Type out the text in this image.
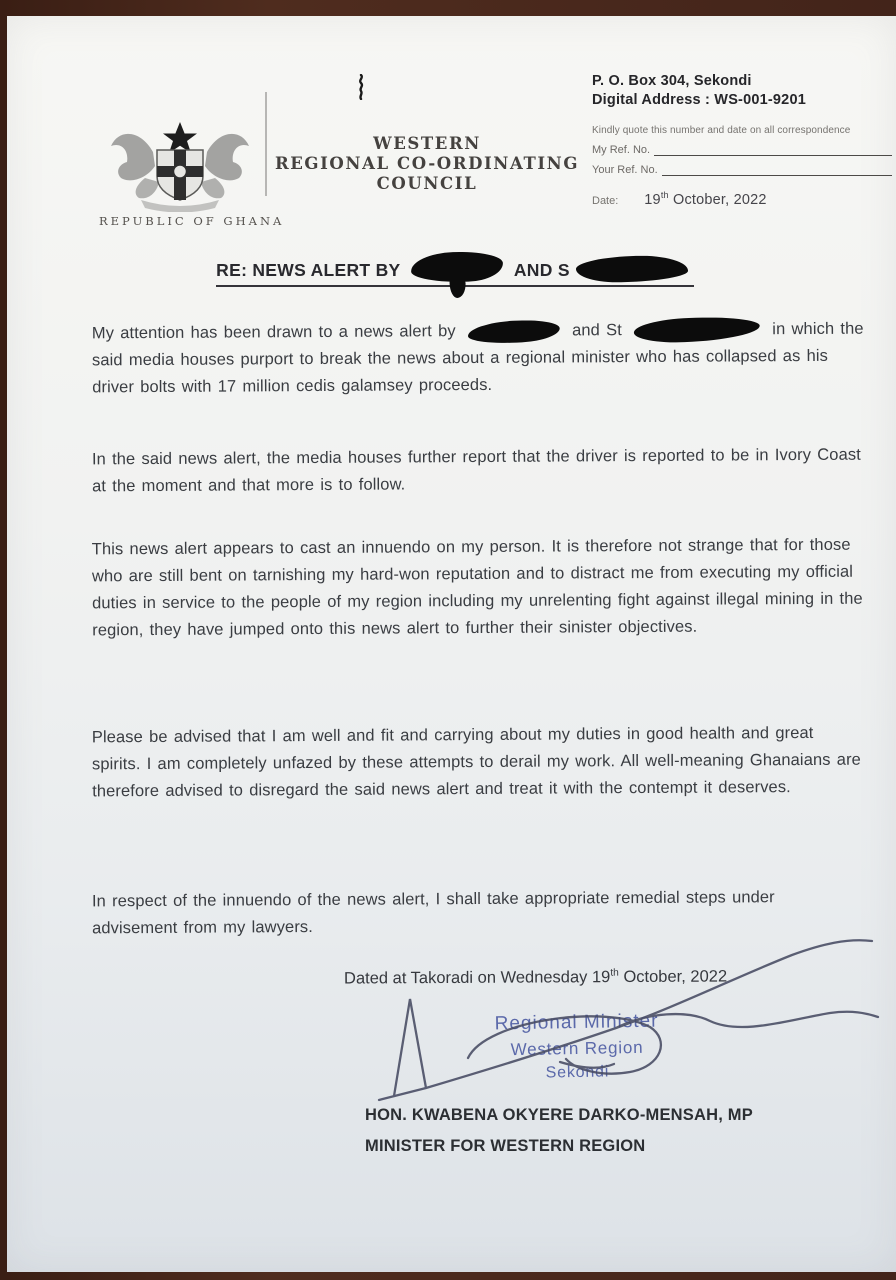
REPUBLIC OF GHANA
WESTERN
REGIONAL CO-ORDINATING
COUNCIL
P. O. Box 304, Sekondi
Digital Address : WS-001-9201
Kindly quote this number and date on all correspondence
My Ref. No.
Your Ref. No.
Date: 19th October, 2022
RE: NEWS ALERT BY	AND S
My attention has been drawn to a news alert by	and St	in which the said media houses purport to break the news about a regional minister who has collapsed as his driver bolts with 17 million cedis galamsey proceeds.
In the said news alert, the media houses further report that the driver is reported to be in Ivory Coast at the moment and that more is to follow.
This news alert appears to cast an innuendo on my person. It is therefore not strange that for those who are still bent on tarnishing my hard-won reputation and to distract me from executing my official duties in service to the people of my region including my unrelenting fight against illegal mining in the region, they have jumped onto this news alert to further their sinister objectives.
Please be advised that I am well and fit and carrying about my duties in good health and great spirits. I am completely unfazed by these attempts to derail my work. All well-meaning Ghanaians are therefore advised to disregard the said news alert and treat it with the contempt it deserves.
In respect of the innuendo of the news alert, I shall take appropriate remedial steps under advisement from my lawyers.
Dated at Takoradi on Wednesday 19th October, 2022
Regional Minister
Western Region
Sekondi
HON. KWABENA OKYERE DARKO-MENSAH, MP
MINISTER FOR WESTERN REGION
